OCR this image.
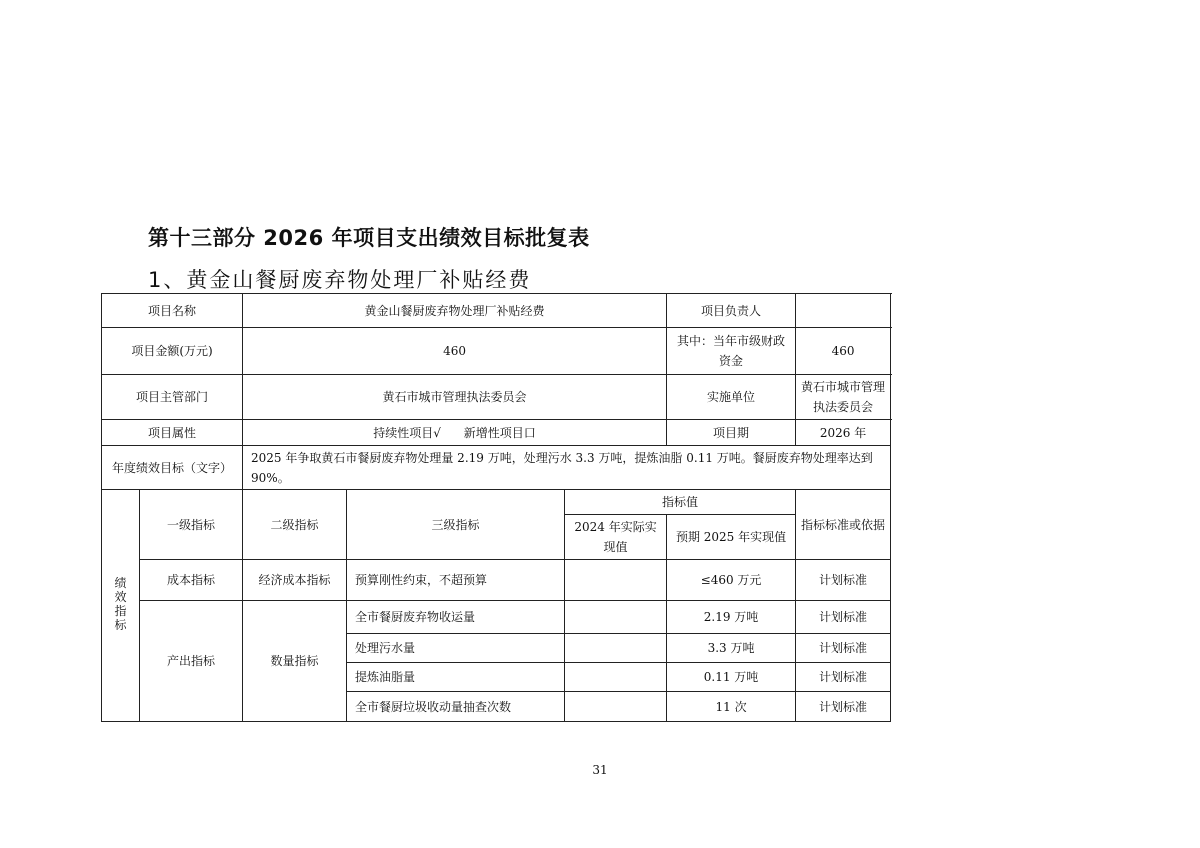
第十三部分 2026 年项目支出绩效目标批复表
1、黄金山餐厨废弃物处理厂补贴经费
项目名称		黄金山餐厨废弃物处理厂补贴经费			项目负责人	
项目金额(万元)		460			其中：当年市级财政资金	460
项目主管部门		黄石市城市管理执法委员会			实施单位	黄石市城市管理执法委员会
项目属性		持续性项目√      新增性项目口			项目期	2026 年
年度绩效目标（文字）		2025 年争取黄石市餐厨废弃物处理量 2.19 万吨，处理污水 3.3 万吨，提炼油脂 0.11 万吨。餐厨废弃物处理率达到 90%。				
绩效指标	一级指标	二级指标	三级指标	指标值		指标标准或依据
				2024 年实际实现值	预期 2025 年实现值	
	成本指标	经济成本指标	预算刚性约束，不超预算		≤460 万元	计划标准
	产出指标	数量指标	全市餐厨废弃物收运量		2.19 万吨	计划标准
			处理污水量		3.3 万吨	计划标准
			提炼油脂量		0.11 万吨	计划标准
			全市餐厨垃圾收动量抽查次数		11 次	计划标准
31
